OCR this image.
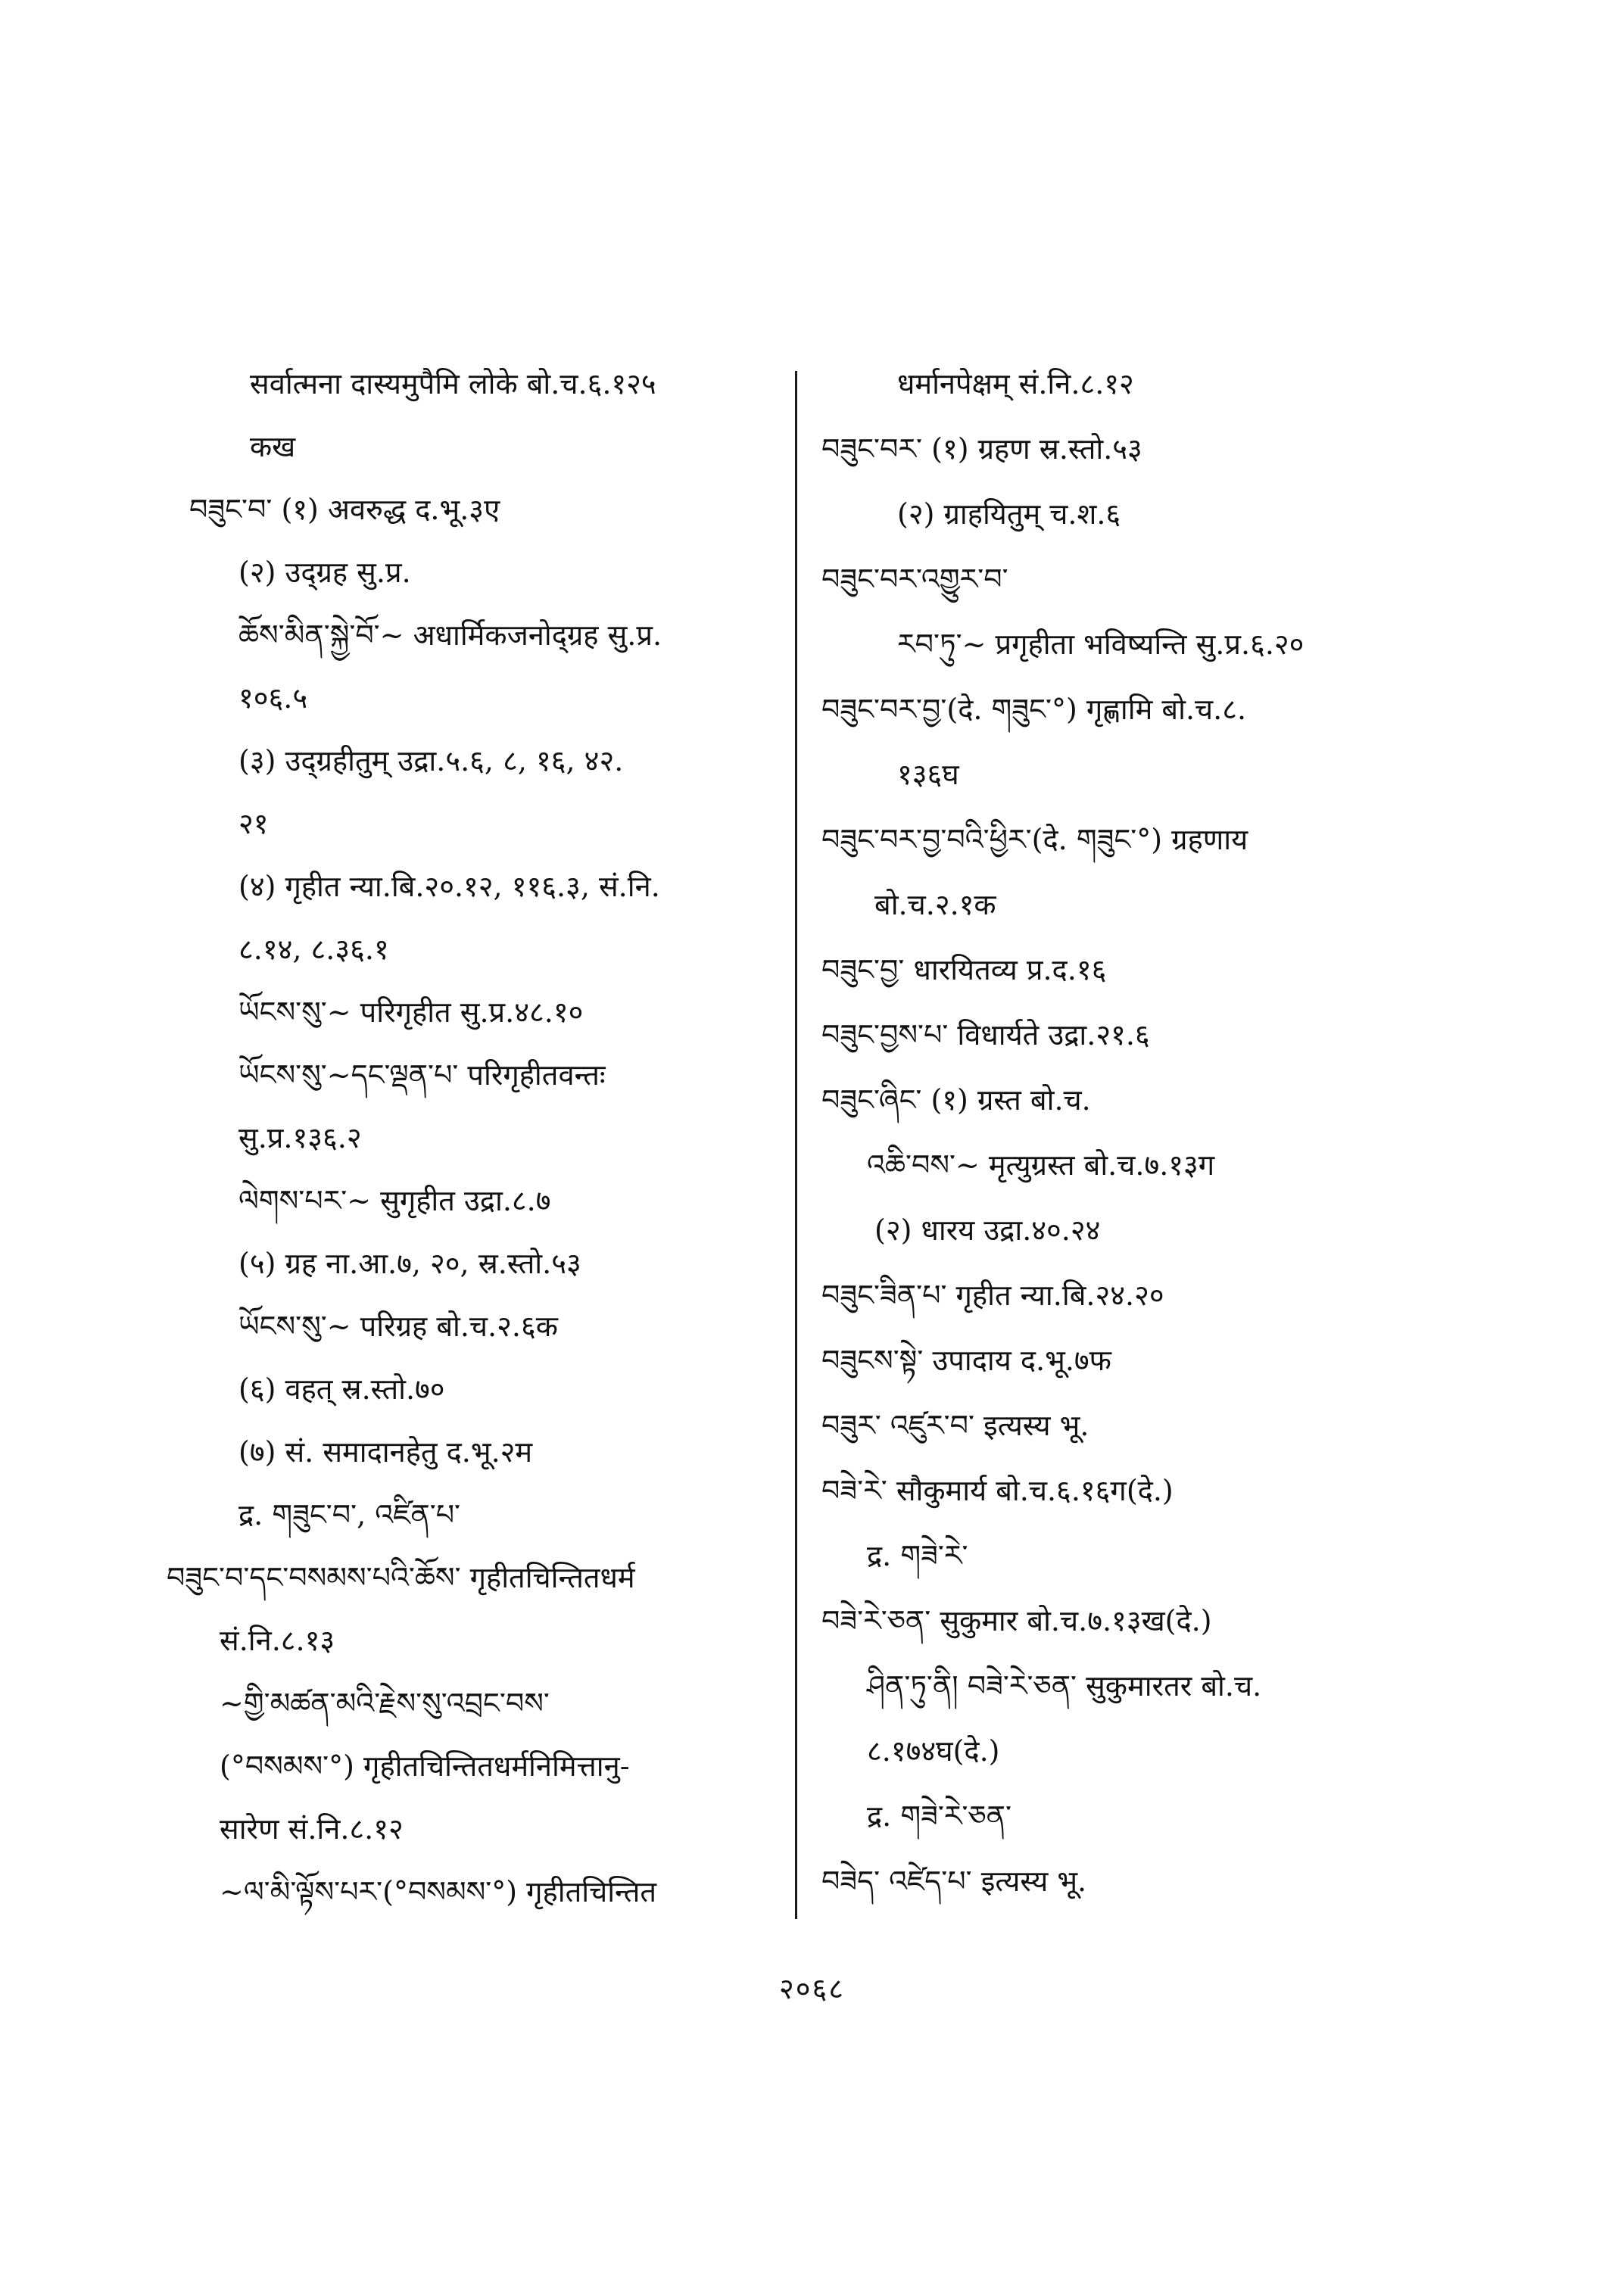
सर्वात्मना दास्यमुपैमि लोके बो.च.६.१२५
कख
བཟུང་བ་ (१) अवरुद्ध द.भू.३ए
(२) उद्ग्रह सु.प्र.
ཆོས་མིན་སྐྱེ་བོ་~ अधार्मिकजनोद्ग्रह सु.प्र.
१०६.५
(३) उद्ग्रहीतुम् उद्रा.५.६, ८, १६, ४२.
२१
(४) गृहीत न्या.बि.२०.१२, ११६.३, सं.नि.
८.१४, ८.३६.१
ཡོངས་སུ་~ परिगृहीत सु.प्र.४८.१०
ཡོངས་སུ་~དང་ལྡན་པ་ परिगृहीतवन्तः
सु.प्र.१३६.२
ལེགས་པར་~ सुगृहीत उद्रा.८.७
(५) ग्रह ना.आ.७, २०, स्र.स्तो.५३
ཡོངས་སུ་~ परिग्रह बो.च.२.६क
(६) वहत् स्र.स्तो.७०
(७) सं. समादानहेतु द.भू.२म
द्र. གཟུང་བ་, འཛིན་པ་
བཟུང་བ་དང་བསམས་པའི་ཆོས་ गृहीतचिन्तितधर्म
सं.नि.८.१३
~གྱི་མཚན་མའི་རྗེས་སུ་འབྲང་བས་
(°བསམས་°) गृहीतचिन्तितधर्मनिमित्तानु-
सारेण सं.नि.८.१२
~ལ་མི་ལྟོས་པར་(°བསམས་°) गृहीतचिन्तित
धर्मानपेक्षम् सं.नि.८.१२
བཟུང་བར་ (१) ग्रहण स्र.स्तो.५३
(२) ग्राहयितुम् च.श.६
བཟུང་བར་འགྱུར་བ་
རབ་ཏུ་~ प्रगृहीता भविष्यन्ति सु.प्र.६.२०
བཟུང་བར་བྱ་(दे. གཟུང་°) गृह्णामि बो.च.८.
१३६घ
བཟུང་བར་བྱ་བའི་ཕྱིར་(दे. གཟུང་°) ग्रहणाय
बो.च.२.१क
བཟུང་བྱ་ धारयितव्य प्र.द.१६
བཟུང་བྱས་པ་ विधार्यते उद्रा.२१.६
བཟུང་ཞིང་ (१) ग्रस्त बो.च.
འཆི་བས་~ मृत्युग्रस्त बो.च.७.१३ग
(२) धारय उद्रा.४०.२४
བཟུང་ཟིན་པ་ गृहीत न्या.बि.२४.२०
བཟུངས་སྟེ་ उपादाय द.भू.७फ
བཟུར་ འཛུར་བ་ इत्यस्य भू.
བཟེ་རེ་ सौकुमार्य बो.च.६.१६ग(दे.)
द्र. གཟེ་རེ་
བཟེ་རེ་ཅན་ सुकुमार बो.च.७.१३ख(दे.)
ཤིན་ཏུ་ནི། བཟེ་རེ་ཅན་ सुकुमारतर बो.च.
८.१७४घ(दे.)
द्र. གཟེ་རེ་ཅན་
བཟེད་ འཛེད་པ་ इत्यस्य भू.
२०६८
